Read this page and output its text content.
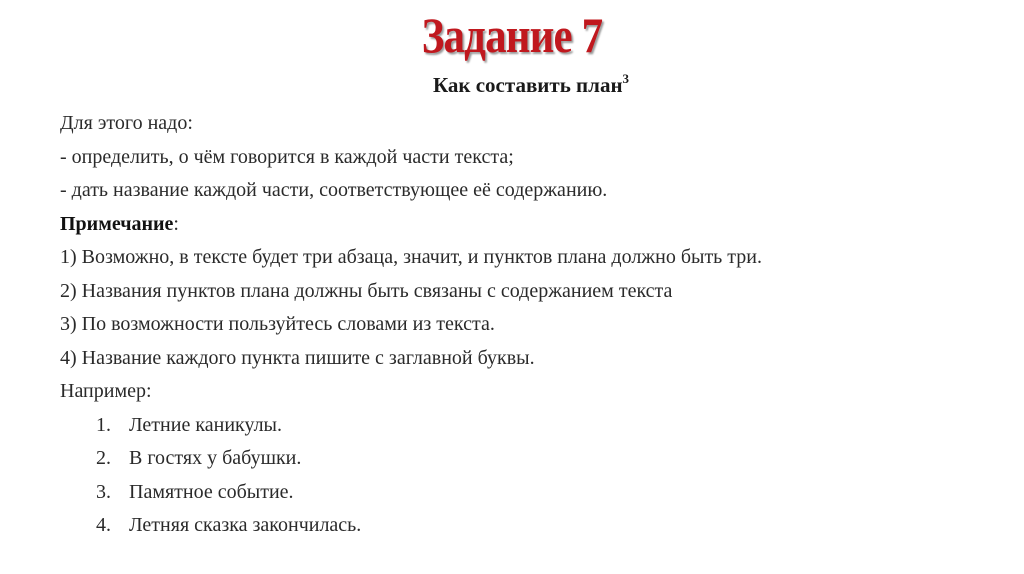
Задание 7
Как составить план$^3$
Для этого надо:
- определить, о чём говорится в каждой части текста;
- дать название каждой части, соответствующее её содержанию.
Примечание:
1) Возможно, в тексте будет три абзаца, значит, и пунктов плана должно быть три.
2) Названия пунктов плана должны быть связаны с содержанием текста
3) По возможности пользуйтесь словами из текста.
4) Название каждого пункта пишите с заглавной буквы.
Например:
1. Летние каникулы.
2. В гостях у бабушки.
3. Памятное событие.
4. Летняя сказка закончилась.
